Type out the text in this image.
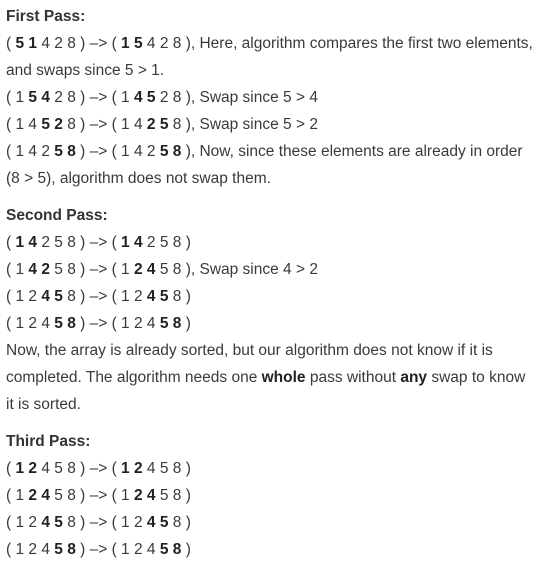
First Pass:
( 5 1 4 2 8 ) –> ( 1 5 4 2 8 ), Here, algorithm compares the first two elements,
and swaps since 5 > 1.
( 1 5 4 2 8 ) –> ( 1 4 5 2 8 ), Swap since 5 > 4
( 1 4 5 2 8 ) –> ( 1 4 2 5 8 ), Swap since 5 > 2
( 1 4 2 5 8 ) –> ( 1 4 2 5 8 ), Now, since these elements are already in order
(8 > 5), algorithm does not swap them.
Second Pass:
( 1 4 2 5 8 ) –> ( 1 4 2 5 8 )
( 1 4 2 5 8 ) –> ( 1 2 4 5 8 ), Swap since 4 > 2
( 1 2 4 5 8 ) –> ( 1 2 4 5 8 )
( 1 2 4 5 8 ) –> ( 1 2 4 5 8 )
Now, the array is already sorted, but our algorithm does not know if it is
completed. The algorithm needs one whole pass without any swap to know
it is sorted.
Third Pass:
( 1 2 4 5 8 ) –> ( 1 2 4 5 8 )
( 1 2 4 5 8 ) –> ( 1 2 4 5 8 )
( 1 2 4 5 8 ) –> ( 1 2 4 5 8 )
( 1 2 4 5 8 ) –> ( 1 2 4 5 8 )
